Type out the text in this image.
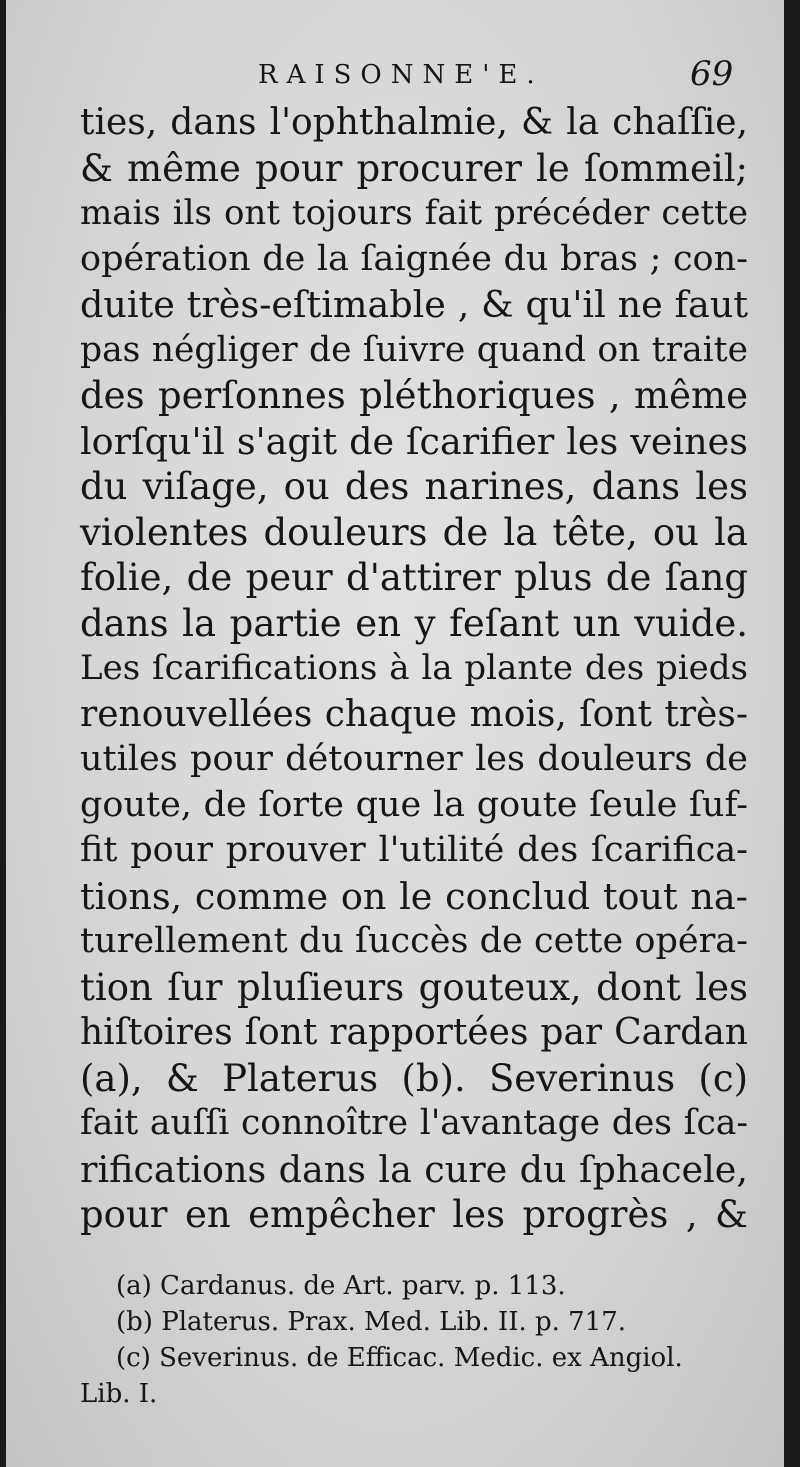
RAISONNE'E.	69
ties, dans l'ophthalmie, & la chaſſie,
& même pour procurer le ſommeil;
mais ils ont tojours fait précéder cette
opération de la ſaignée du bras ; con-
duite très-eſtimable , & qu'il ne faut
pas négliger de ſuivre quand on traite
des perſonnes pléthoriques , même
lorſqu'il s'agit de ſcarifier les veines
du viſage, ou des narines, dans les
violentes douleurs de la tête, ou la
folie, de peur d'attirer plus de ſang
dans la partie en y feſant un vuide.
Les ſcarifications à la plante des pieds
renouvellées chaque mois, ſont très-
utiles pour détourner les douleurs de
goute, de ſorte que la goute ſeule ſuf-
fit pour prouver l'utilité des ſcarifica-
tions, comme on le conclud tout na-
turellement du ſuccès de cette opéra-
tion ſur pluſieurs gouteux, dont les
hiſtoires ſont rapportées par Cardan
(a), & Platerus (b). Severinus (c)
fait auſſi connoître l'avantage des ſca-
rifications dans la cure du ſphacele,
pour en empêcher les progrès , &
(a) Cardanus. de Art. parv. p. 113.
(b) Platerus. Prax. Med. Lib. II. p. 717.
(c) Severinus. de Efficac. Medic. ex Angiol.
Lib. I.
